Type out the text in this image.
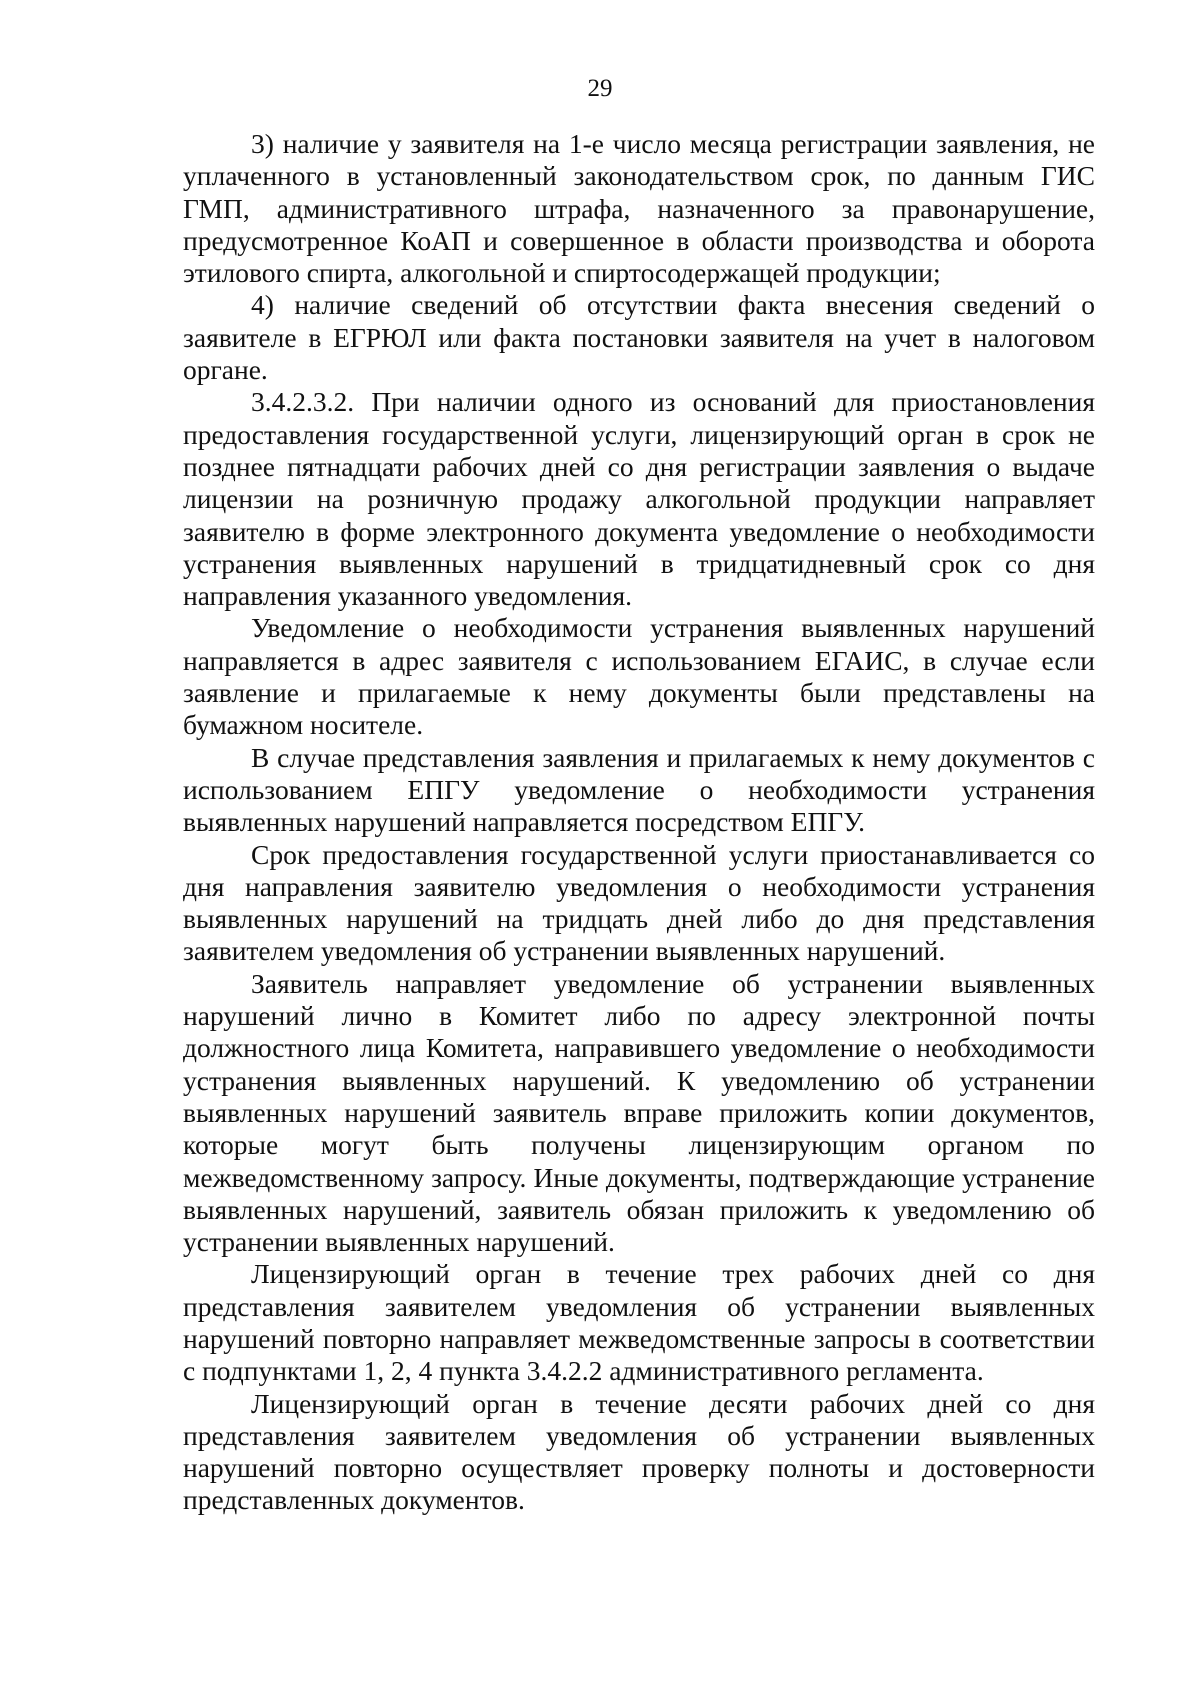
29

3) наличие у заявителя на 1-е число месяца регистрации заявления, не уплаченного в установленный законодательством срок, по данным ГИС ГМП, административного штрафа, назначенного за правонарушение, предусмотренное КоАП и совершенное в области производства и оборота этилового спирта, алкогольной и спиртосодержащей продукции;

4) наличие сведений об отсутствии факта внесения сведений о заявителе в ЕГРЮЛ или факта постановки заявителя на учет в налоговом органе.

3.4.2.3.2. При наличии одного из оснований для приостановления предоставления государственной услуги, лицензирующий орган в срок не позднее пятнадцати рабочих дней со дня регистрации заявления о выдаче лицензии на розничную продажу алкогольной продукции направляет заявителю в форме электронного документа уведомление о необходимости устранения выявленных нарушений в тридцатидневный срок со дня направления указанного уведомления.

Уведомление о необходимости устранения выявленных нарушений направляется в адрес заявителя с использованием ЕГАИС, в случае если заявление и прилагаемые к нему документы были представлены на бумажном носителе.

В случае представления заявления и прилагаемых к нему документов с использованием ЕПГУ уведомление о необходимости устранения выявленных нарушений направляется посредством ЕПГУ.

Срок предоставления государственной услуги приостанавливается со дня направления заявителю уведомления о необходимости устранения выявленных нарушений на тридцать дней либо до дня представления заявителем уведомления об устранении выявленных нарушений.

Заявитель направляет уведомление об устранении выявленных нарушений лично в Комитет либо по адресу электронной почты должностного лица Комитета, направившего уведомление о необходимости устранения выявленных нарушений. К уведомлению об устранении выявленных нарушений заявитель вправе приложить копии документов, которые могут быть получены лицензирующим органом по межведомственному запросу. Иные документы, подтверждающие устранение выявленных нарушений, заявитель обязан приложить к уведомлению об устранении выявленных нарушений.

Лицензирующий орган в течение трех рабочих дней со дня представления заявителем уведомления об устранении выявленных нарушений повторно направляет межведомственные запросы в соответствии с подпунктами 1, 2, 4 пункта 3.4.2.2 административного регламента.

Лицензирующий орган в течение десяти рабочих дней со дня представления заявителем уведомления об устранении выявленных нарушений повторно осуществляет проверку полноты и достоверности представленных документов.
